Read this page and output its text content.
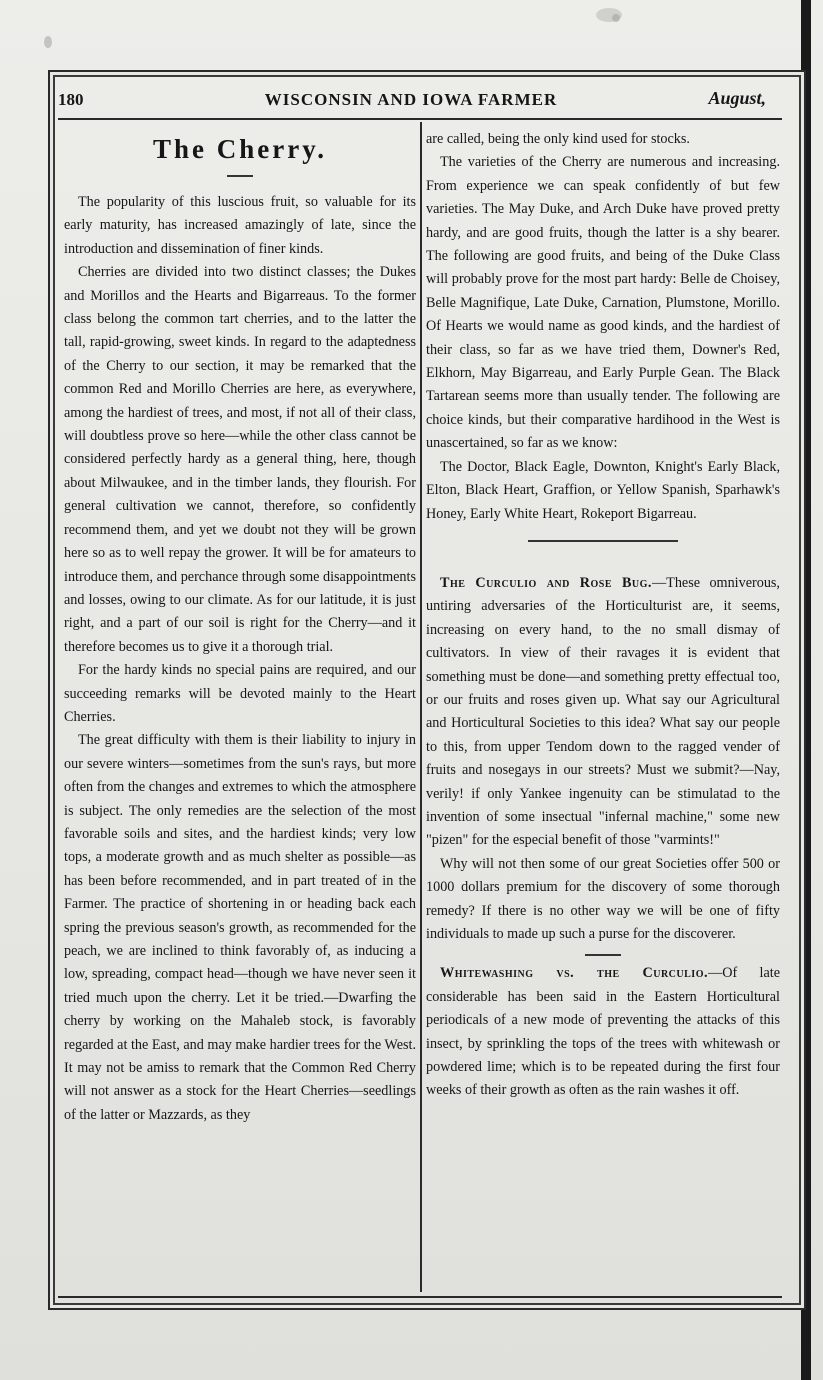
180	WISCONSIN AND IOWA FARMER	August,
The Cherry.

The popularity of this luscious fruit, so valuable for its early maturity, has increased amazingly of late, since the introduction and dissemination of finer kinds.

Cherries are divided into two distinct classes; the Dukes and Morillos and the Hearts and Bigarreaus. To the former class belong the common tart cherries, and to the latter the tall, rapid-growing, sweet kinds. In regard to the adaptedness of the Cherry to our section, it may be remarked that the common Red and Morillo Cherries are here, as everywhere, among the hardiest of trees, and most, if not all of their class, will doubtless prove so here—while the other class cannot be considered perfectly hardy as a general thing, here, though about Milwaukee, and in the timber lands, they flourish. For general cultivation we cannot, therefore, so confidently recommend them, and yet we doubt not they will be grown here so as to well repay the grower. It will be for amateurs to introduce them, and perchance through some disappointments and losses, owing to our climate. As for our latitude, it is just right, and a part of our soil is right for the Cherry—and it therefore becomes us to give it a thorough trial.

For the hardy kinds no special pains are required, and our succeeding remarks will be devoted mainly to the Heart Cherries.

The great difficulty with them is their liability to injury in our severe winters—sometimes from the sun's rays, but more often from the changes and extremes to which the atmosphere is subject. The only remedies are the selection of the most favorable soils and sites, and the hardiest kinds; very low tops, a moderate growth and as much shelter as possible—as has been before recommended, and in part treated of in the Farmer. The practice of shortening in or heading back each spring the previous season's growth, as recommended for the peach, we are inclined to think favorably of, as inducing a low, spreading, compact head—though we have never seen it tried much upon the cherry. Let it be tried.—Dwarfing the cherry by working on the Mahaleb stock, is favorably regarded at the East, and may make hardier trees for the West. It may not be amiss to remark that the Common Red Cherry will not answer as a stock for the Heart Cherries—seedlings of the latter or Mazzards, as they

are called, being the only kind used for stocks.

The varieties of the Cherry are numerous and increasing. From experience we can speak confidently of but few varieties. The May Duke, and Arch Duke have proved pretty hardy, and are good fruits, though the latter is a shy bearer. The following are good fruits, and being of the Duke Class will probably prove for the most part hardy: Belle de Choisey, Belle Magnifique, Late Duke, Carnation, Plumstone, Morillo. Of Hearts we would name as good kinds, and the hardiest of their class, so far as we have tried them, Downer's Red, Elkhorn, May Bigarreau, and Early Purple Gean. The Black Tartarean seems more than usually tender. The following are choice kinds, but their comparative hardihood in the West is unascertained, so far as we know:

The Doctor, Black Eagle, Downton, Knight's Early Black, Elton, Black Heart, Graffion, or Yellow Spanish, Sparhawk's Honey, Early White Heart, Rokeport Bigarreau.

The Curculio and Rose Bug.—These omniverous, untiring adversaries of the Horticulturist are, it seems, increasing on every hand, to the no small dismay of cultivators. In view of their ravages it is evident that something must be done—and something pretty effectual too, or our fruits and roses given up. What say our Agricultural and Horticultural Societies to this idea? What say our people to this, from upper Tendom down to the ragged vender of fruits and nosegays in our streets? Must we submit?—Nay, verily! if only Yankee ingenuity can be stimulatad to the invention of some insectual "infernal machine," some new "pizen" for the especial benefit of those "varmints!"

Why will not then some of our great Societies offer 500 or 1000 dollars premium for the discovery of some thorough remedy? If there is no other way we will be one of fifty individuals to made up such a purse for the discoverer.

Whitewashing vs. the Curculio.—Of late considerable has been said in the Eastern Horticultural periodicals of a new mode of preventing the attacks of this insect, by sprinkling the tops of the trees with whitewash or powdered lime; which is to be repeated during the first four weeks of their growth as often as the rain washes it off.
